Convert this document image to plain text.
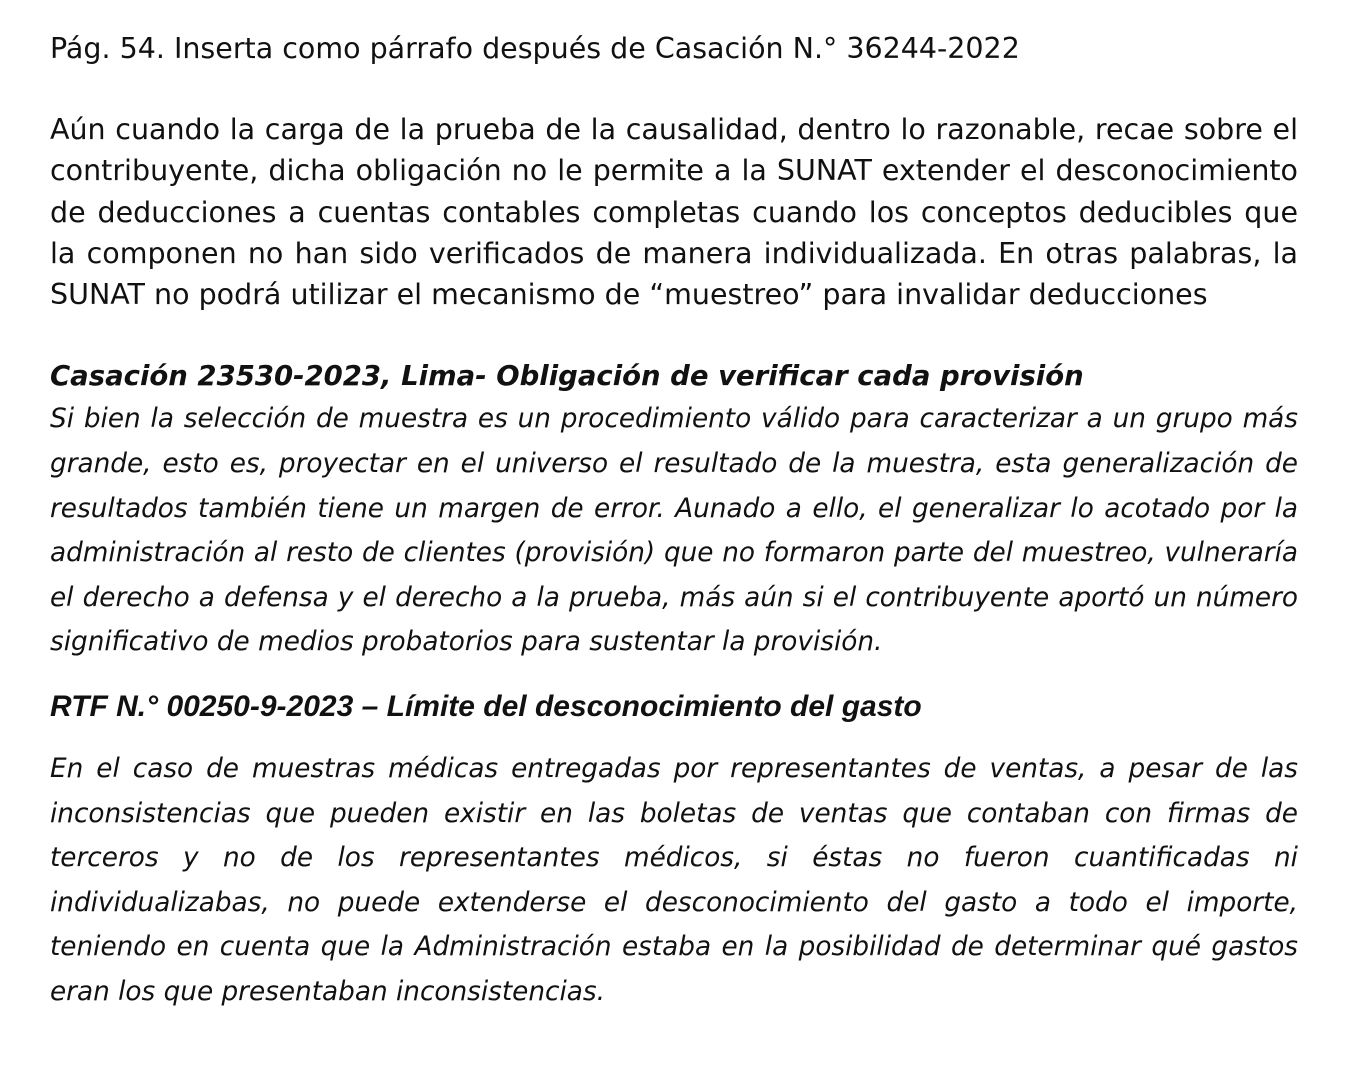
Pág. 54. Inserta como párrafo después de Casación N.° 36244-2022

Aún cuando la carga de la prueba de la causalidad, dentro lo razonable, recae sobre el contribuyente, dicha obligación no le permite a la SUNAT extender el desconocimiento de deducciones a cuentas contables completas cuando los conceptos deducibles que la componen no han sido verificados de manera individualizada. En otras palabras, la SUNAT no podrá utilizar el mecanismo de “muestreo” para invalidar deducciones

Casación 23530-2023, Lima- Obligación de verificar cada provisión

Si bien la selección de muestra es un procedimiento válido para caracterizar a un grupo más grande, esto es, proyectar en el universo el resultado de la muestra, esta generalización de resultados también tiene un margen de error. Aunado a ello, el generalizar lo acotado por la administración al resto de clientes (provisión) que no formaron parte del muestreo, vulneraría el derecho a defensa y el derecho a la prueba, más aún si el contribuyente aportó un número significativo de medios probatorios para sustentar la provisión.

RTF N.° 00250-9-2023 – Límite del desconocimiento del gasto

En el caso de muestras médicas entregadas por representantes de ventas, a pesar de las inconsistencias que pueden existir en las boletas de ventas que contaban con firmas de terceros y no de los representantes médicos, si éstas no fueron cuantificadas ni individualizabas, no puede extenderse el desconocimiento del gasto a todo el importe, teniendo en cuenta que la Administración estaba en la posibilidad de determinar qué gastos eran los que presentaban inconsistencias.
